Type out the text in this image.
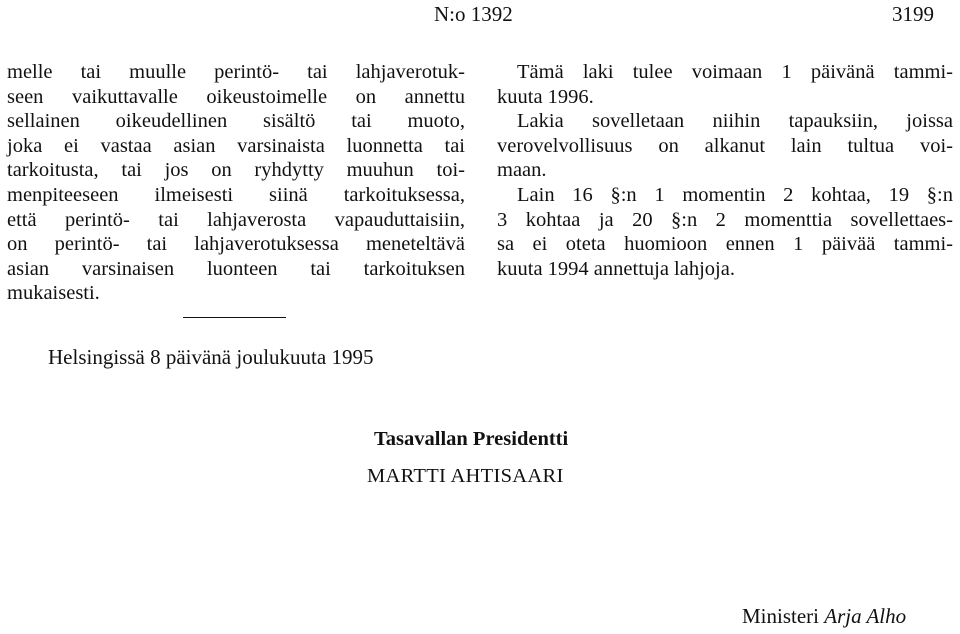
N:o 1392	3199
melle tai muulle perintö- tai lahjaverotuk-
seen vaikuttavalle oikeustoimelle on annettu
sellainen oikeudellinen sisältö tai muoto,
joka ei vastaa asian varsinaista luonnetta tai
tarkoitusta, tai jos on ryhdytty muuhun toi-
menpiteeseen ilmeisesti siinä tarkoituksessa,
että perintö- tai lahjaverosta vapauduttaisiin,
on perintö- tai lahjaverotuksessa meneteltävä
asian varsinaisen luonteen tai tarkoituksen
mukaisesti.
Tämä laki tulee voimaan 1 päivänä tammi-
kuuta 1996.
Lakia sovelletaan niihin tapauksiin, joissa
verovelvollisuus on alkanut lain tultua voi-
maan.
Lain 16 §:n 1 momentin 2 kohtaa, 19 §:n
3 kohtaa ja 20 §:n 2 momenttia sovellettaes-
sa ei oteta huomioon ennen 1 päivää tammi-
kuuta 1994 annettuja lahjoja.
Helsingissä 8 päivänä joulukuuta 1995
Tasavallan Presidentti
MARTTI AHTISAARI
Ministeri Arja Alho
